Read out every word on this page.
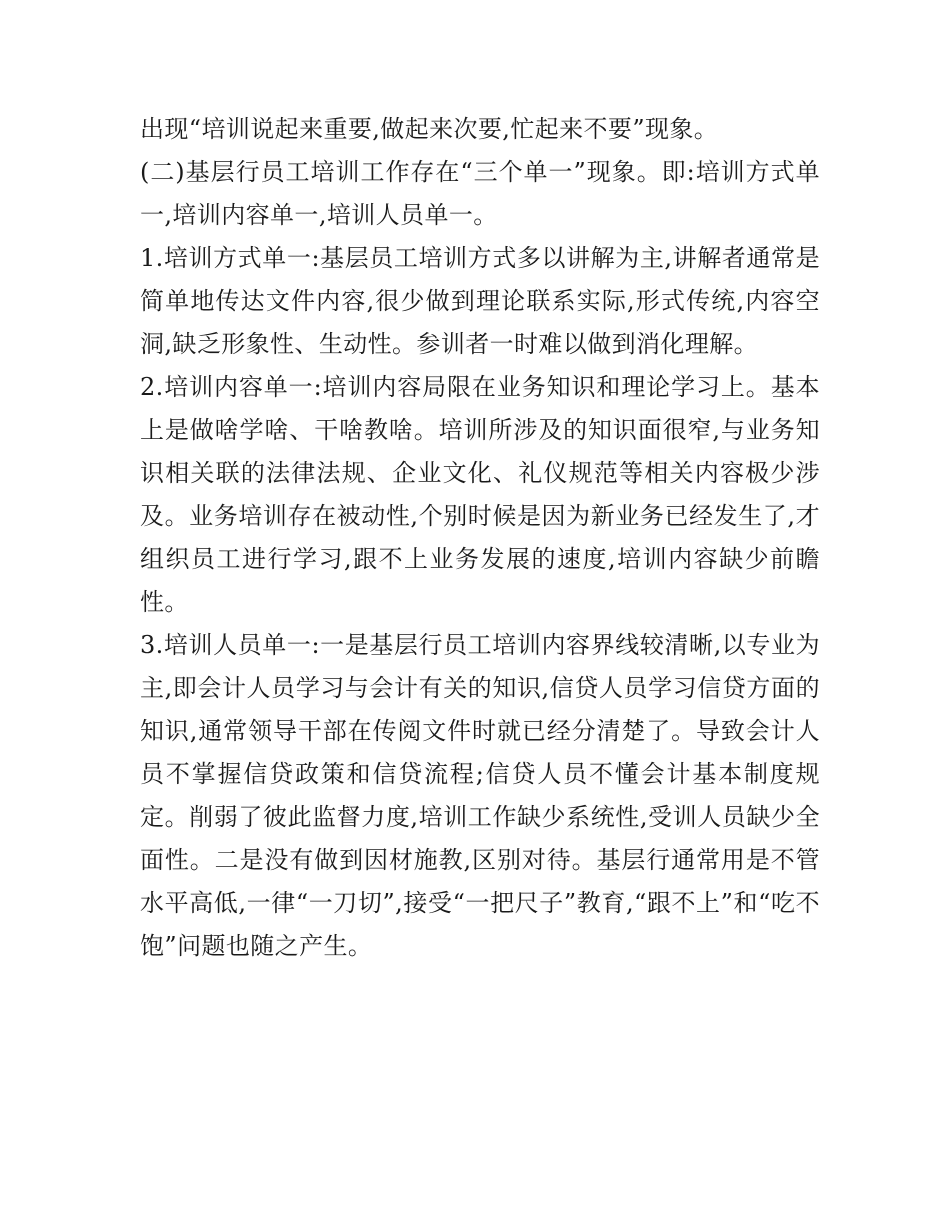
出现“培训说起来重要,做起来次要,忙起来不要”现象。

(二)基层行员工培训工作存在“三个单一”现象。即:培训方式单一,培训内容单一,培训人员单一。

1.培训方式单一:基层员工培训方式多以讲解为主,讲解者通常是简单地传达文件内容,很少做到理论联系实际,形式传统,内容空洞,缺乏形象性、生动性。参训者一时难以做到消化理解。

2.培训内容单一:培训内容局限在业务知识和理论学习上。基本上是做啥学啥、干啥教啥。培训所涉及的知识面很窄,与业务知识相关联的法律法规、企业文化、礼仪规范等相关内容极少涉及。业务培训存在被动性,个别时候是因为新业务已经发生了,才组织员工进行学习,跟不上业务发展的速度,培训内容缺少前瞻性。

3.培训人员单一:一是基层行员工培训内容界线较清晰,以专业为主,即会计人员学习与会计有关的知识,信贷人员学习信贷方面的知识,通常领导干部在传阅文件时就已经分清楚了。导致会计人员不掌握信贷政策和信贷流程;信贷人员不懂会计基本制度规定。削弱了彼此监督力度,培训工作缺少系统性,受训人员缺少全面性。二是没有做到因材施教,区别对待。基层行通常用是不管水平高低,一律“一刀切”,接受“一把尺子”教育,“跟不上”和“吃不饱”问题也随之产生。
